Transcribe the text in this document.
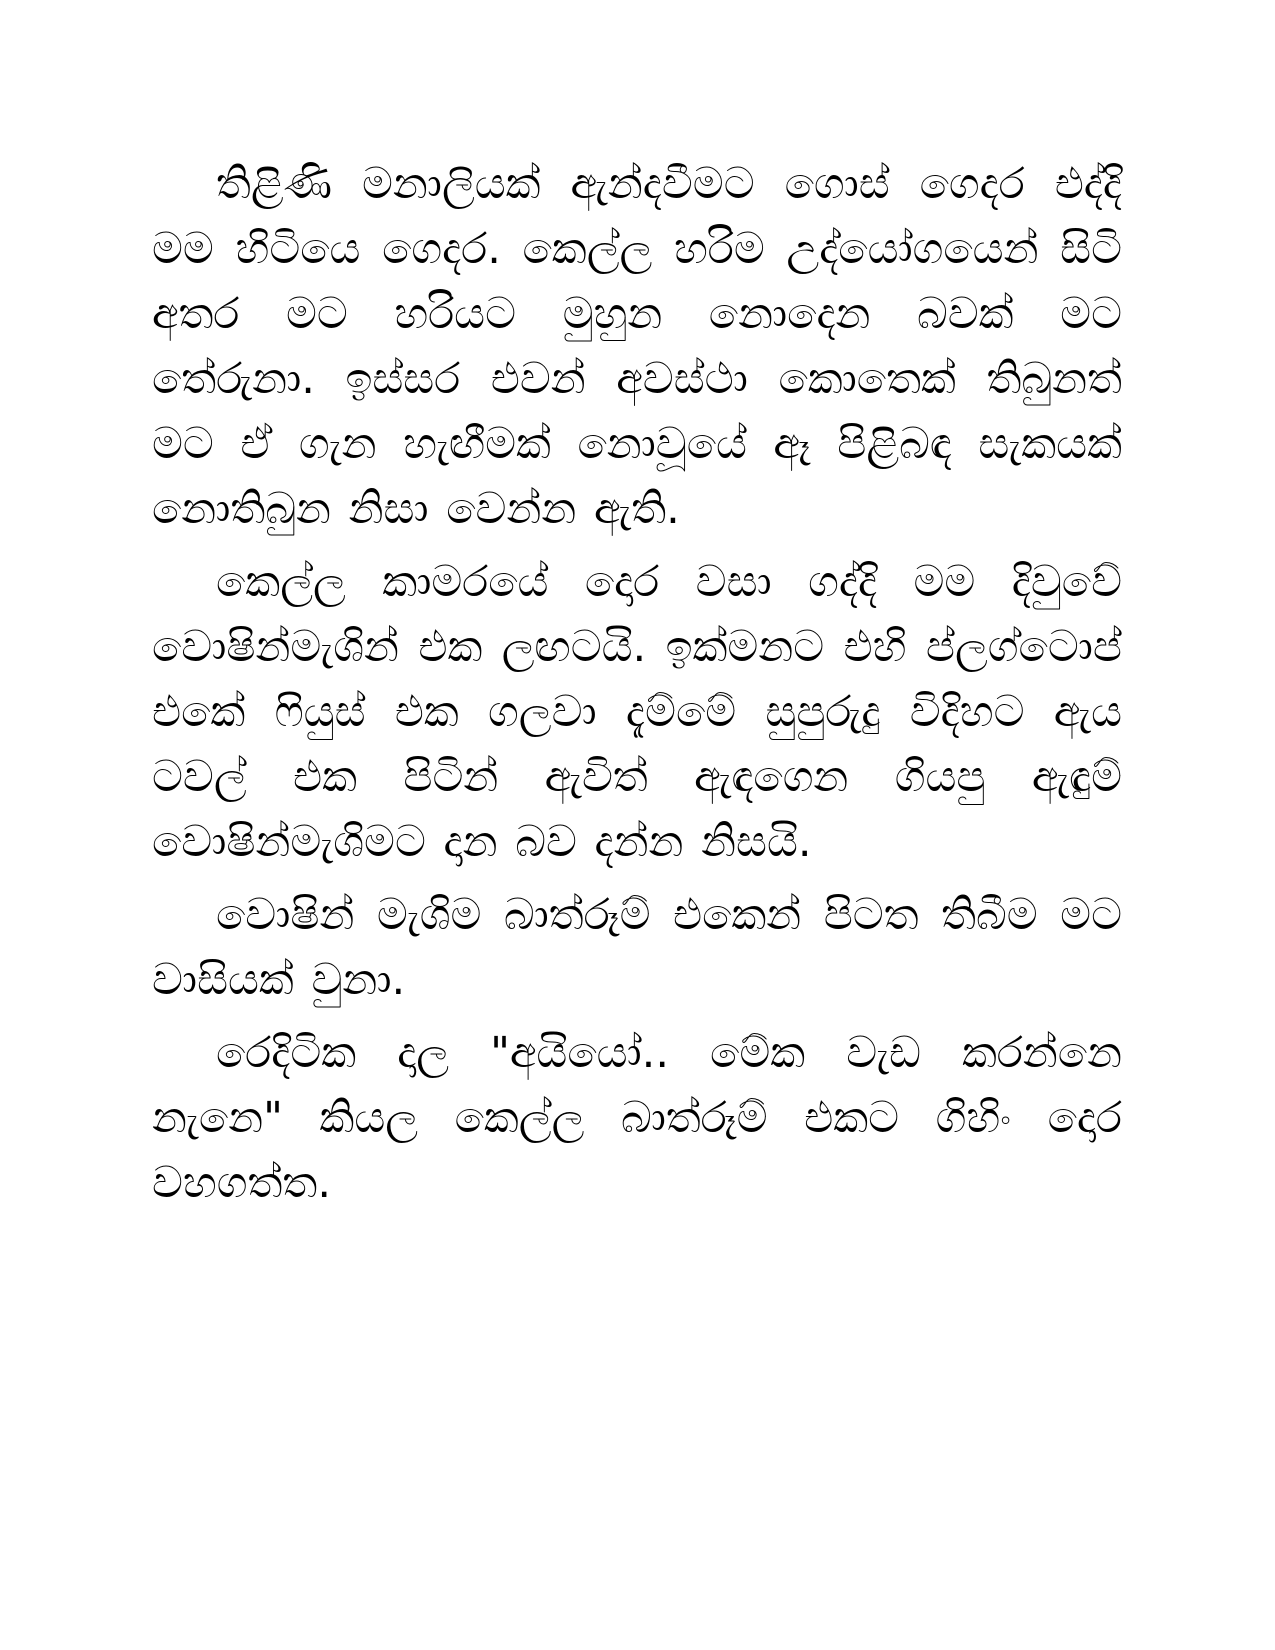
තිළිණි මනාලියක් ඇන්දවීමට ගොස් ගෙදර එද්දි මම හිටියෙ ගෙදර. කෙල්ල හරිම උද්යෝගයෙන් සිටි අතර මට හරියට මුහුන නොදෙන බවක් මට තේරුනා. ඉස්සර එවන් අවස්ථා කොතෙක් තිබුනත් මට ඒ ගැන හැඟීමක් නොවූයේ ඈ පිළිබඳ සැකයක් නොතිබුන නිසා වෙන්න ඇති.

කෙල්ල කාමරයේ දොර වසා ගද්දි මම දිවුවේ වොෂින්මැශින් එක ලඟටයි. ඉක්මනට එහි ප්ලග්ටොප් එකේ ෆියුස් එක ගලවා දැම්මේ සුපුරුදු විදිහට ඇය ටවල් එක පිටින් ඇවිත් ඇඳගෙන ගියපු ඇඳුම් වොෂින්මැශිමට දාන බව දන්න නිසයි.

වොෂින් මැශිම බාත්රූම් එකෙන් පිටත තිබීම මට වාසියක් වුනා.

රෙදිටික දාල "අයියෝ.. මේක වැඩ කරන්නෙ නැනෙ" කියල කෙල්ල බාත්රූම් එකට ගිහිං දොර වහගත්ත.
